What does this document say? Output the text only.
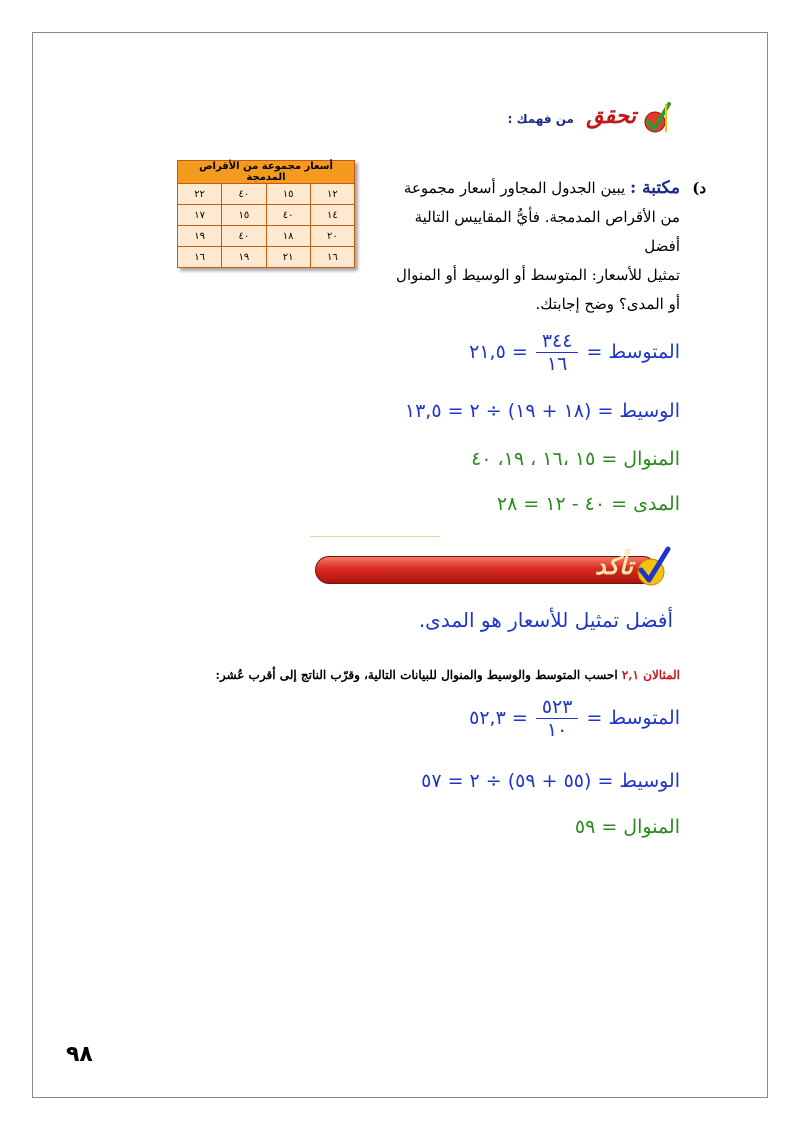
تحقق
من فهمك :
د)
مكتبة : يبين الجدول المجاور أسعار مجموعة
من الأقراص المدمجة. فأيُّ المقاييس التالية أفضل
تمثيل للأسعار: المتوسط أو الوسيط أو المنوال
أو المدى؟ وضح إجابتك.
أسعار مجموعة من الأقراص المدمجة			
١٢	١٥	٤٠	٢٢
١٤	٤٠	١٥	١٧
٢٠	١٨	٤٠	١٩
١٦	٢١	١٩	١٦
المتوسط =
$\frac{٣٤٤}{١٦}$
= ٢١,٥
الوسيط = (١٨ + ١٩) ÷ ٢ = ١٣,٥
المنوال = ١٥ ،١٦ ، ١٩، ٤٠
المدى = ٤٠ - ١٢ = ٢٨
تأكد
أفضل تمثيل للأسعار هو المدى.
المثالان ٢,١ احسب المتوسط والوسيط والمنوال للبيانات التالية، وقرّب الناتج إلى أقرب عُشر:
المتوسط =
$\frac{٥٢٣}{١٠}$
= ٥٢,٣
الوسيط = (٥٥ + ٥٩) ÷ ٢ = ٥٧
المنوال = ٥٩
٩٨
